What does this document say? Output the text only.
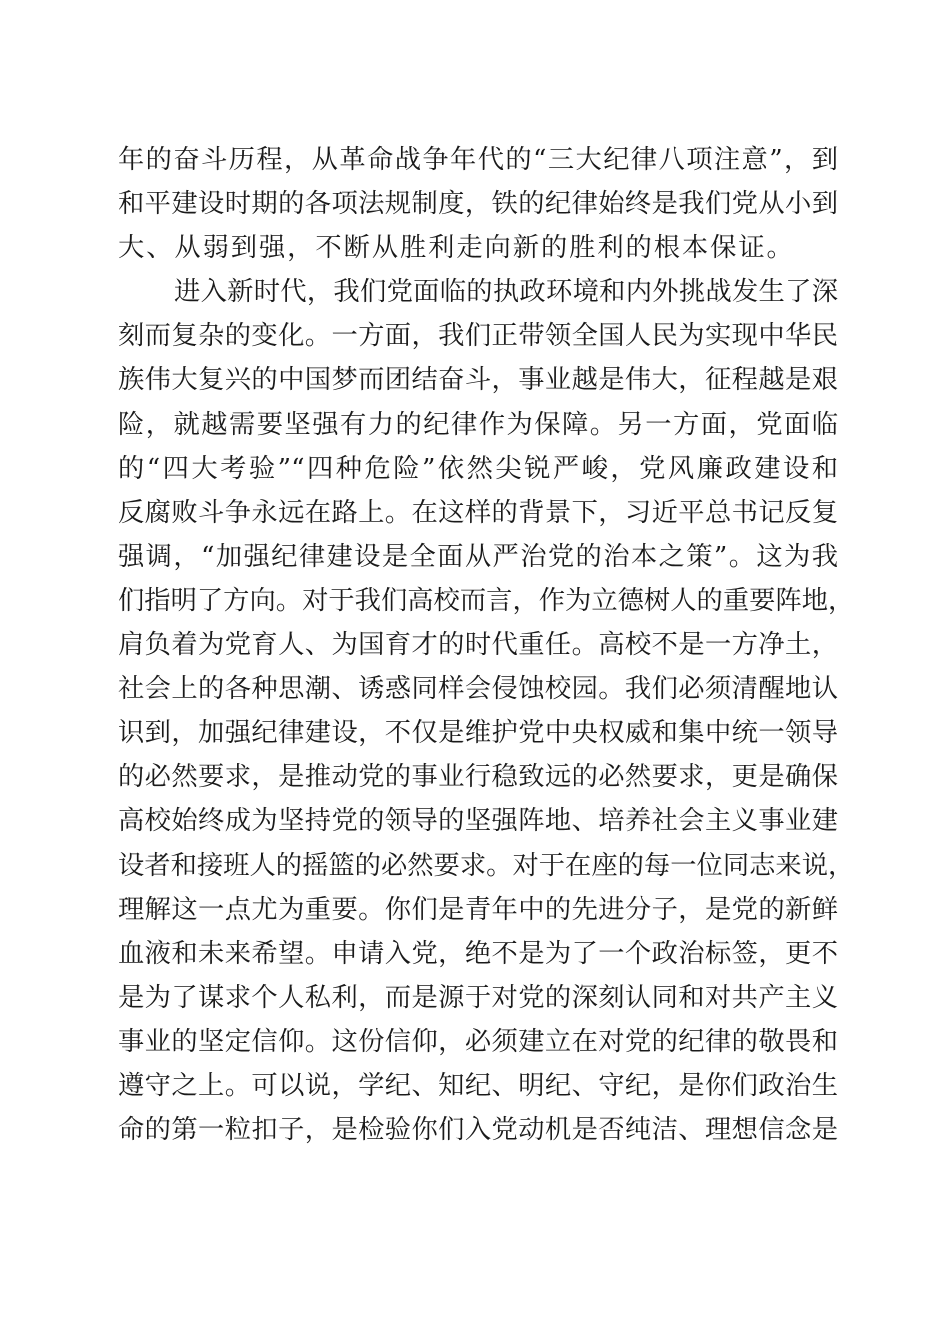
年的奋斗历程，从革命战争年代的“三大纪律八项注意”，到
和平建设时期的各项法规制度，铁的纪律始终是我们党从小到
大、从弱到强，不断从胜利走向新的胜利的根本保证。
进入新时代，我们党面临的执政环境和内外挑战发生了深
刻而复杂的变化。一方面，我们正带领全国人民为实现中华民
族伟大复兴的中国梦而团结奋斗，事业越是伟大，征程越是艰
险，就越需要坚强有力的纪律作为保障。另一方面，党面临
的“四大考验”“四种危险”依然尖锐严峻，党风廉政建设和
反腐败斗争永远在路上。在这样的背景下，习近平总书记反复
强调，“加强纪律建设是全面从严治党的治本之策”。这为我
们指明了方向。对于我们高校而言，作为立德树人的重要阵地，
肩负着为党育人、为国育才的时代重任。高校不是一方净土，
社会上的各种思潮、诱惑同样会侵蚀校园。我们必须清醒地认
识到，加强纪律建设，不仅是维护党中央权威和集中统一领导
的必然要求，是推动党的事业行稳致远的必然要求，更是确保
高校始终成为坚持党的领导的坚强阵地、培养社会主义事业建
设者和接班人的摇篮的必然要求。对于在座的每一位同志来说，
理解这一点尤为重要。你们是青年中的先进分子，是党的新鲜
血液和未来希望。申请入党，绝不是为了一个政治标签，更不
是为了谋求个人私利，而是源于对党的深刻认同和对共产主义
事业的坚定信仰。这份信仰，必须建立在对党的纪律的敬畏和
遵守之上。可以说，学纪、知纪、明纪、守纪，是你们政治生
命的第一粒扣子，是检验你们入党动机是否纯洁、理想信念是
